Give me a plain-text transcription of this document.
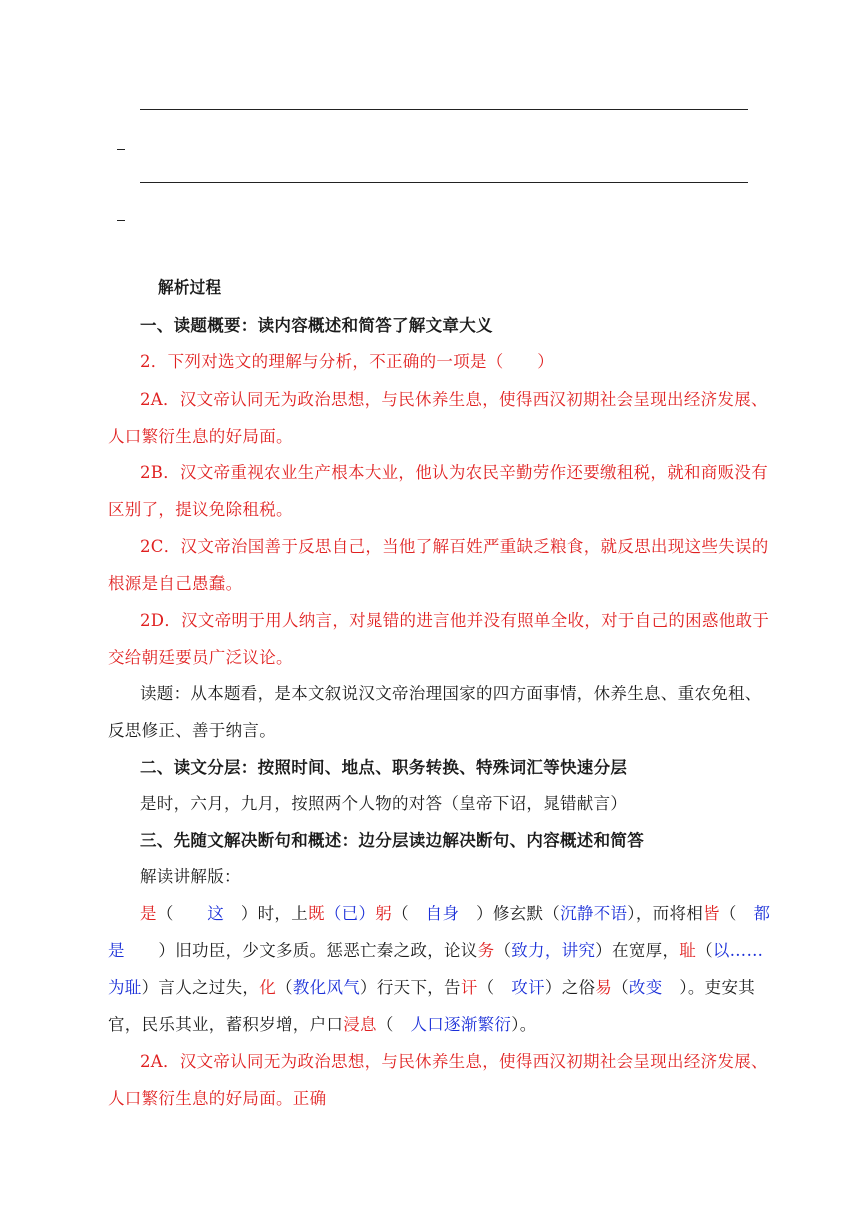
解析过程
一、读题概要：读内容概述和简答了解文章大义
2．下列对选文的理解与分析，不正确的一项是（　　）
2A．汉文帝认同无为政治思想，与民休养生息，使得西汉初期社会呈现出经济发展、
人口繁衍生息的好局面。
2B．汉文帝重视农业生产根本大业，他认为农民辛勤劳作还要缴租税，就和商贩没有
区别了，提议免除租税。
2C．汉文帝治国善于反思自己，当他了解百姓严重缺乏粮食，就反思出现这些失误的
根源是自己愚蠢。
2D．汉文帝明于用人纳言，对晁错的进言他并没有照单全收，对于自己的困惑他敢于
交给朝廷要员广泛议论。
读题：从本题看，是本文叙说汉文帝治理国家的四方面事情，休养生息、重农免租、
反思修正、善于纳言。
二、读文分层：按照时间、地点、职务转换、特殊词汇等快速分层
是时，六月，九月，按照两个人物的对答（皇帝下诏，晁错献言）
三、先随文解决断句和概述：边分层读边解决断句、内容概述和简答
解读讲解版：
是（　　这　）时，上既（已）躬（　自身　）修玄默（沉静不语），而将相皆（　都
是　　）旧功臣，少文多质。惩恶亡秦之政，论议务（致力，讲究）在宽厚，耻（以……
为耻）言人之过失，化（教化风气）行天下，告讦（　攻讦）之俗易（改变　）。吏安其
官，民乐其业，蓄积岁增，户口浸息（　人口逐渐繁衍）。
2A．汉文帝认同无为政治思想，与民休养生息，使得西汉初期社会呈现出经济发展、
人口繁衍生息的好局面。正确
